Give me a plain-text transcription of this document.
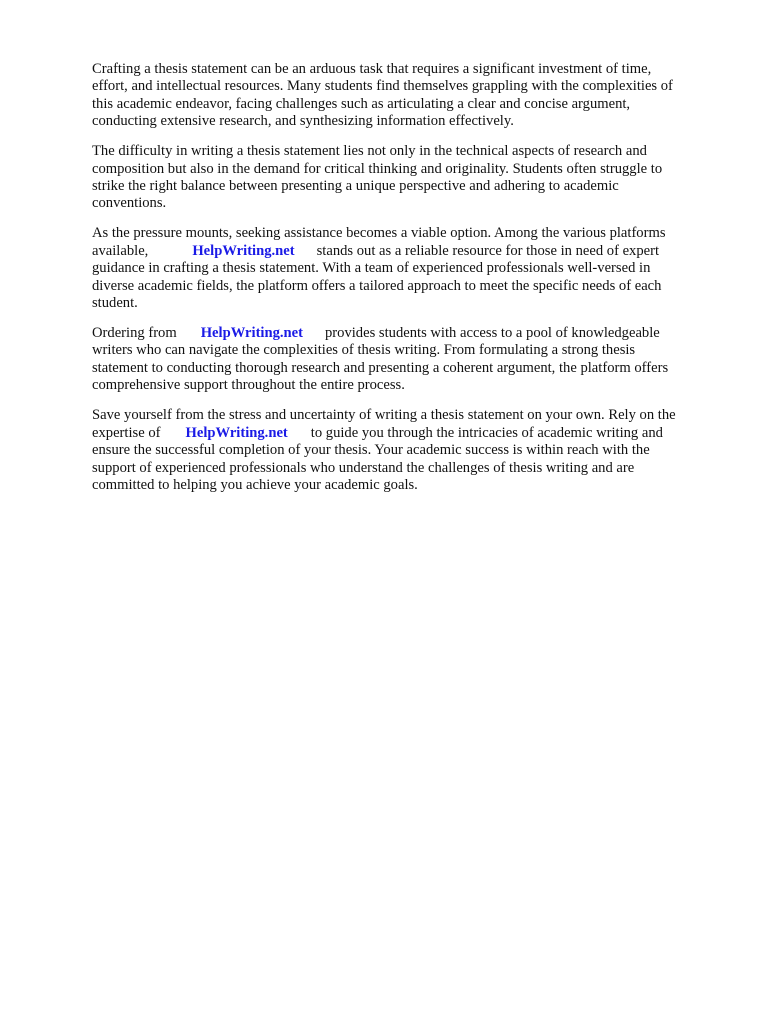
Crafting a thesis statement can be an arduous task that requires a significant investment of time,
effort, and intellectual resources. Many students find themselves grappling with the complexities of
this academic endeavor, facing challenges such as articulating a clear and concise argument,
conducting extensive research, and synthesizing information effectively.

The difficulty in writing a thesis statement lies not only in the technical aspects of research and
composition but also in the demand for critical thinking and originality. Students often struggle to
strike the right balance between presenting a unique perspective and adhering to academic
conventions.

As the pressure mounts, seeking assistance becomes a viable option. Among the various platforms
available,	HelpWriting.net stands out as a reliable resource for those in need of expert
guidance in crafting a thesis statement. With a team of experienced professionals well-versed in
diverse academic fields, the platform offers a tailored approach to meet the specific needs of each
student.

Ordering from HelpWriting.net provides students with access to a pool of knowledgeable
writers who can navigate the complexities of thesis writing. From formulating a strong thesis
statement to conducting thorough research and presenting a coherent argument, the platform offers
comprehensive support throughout the entire process.

Save yourself from the stress and uncertainty of writing a thesis statement on your own. Rely on the
expertise of HelpWriting.net to guide you through the intricacies of academic writing and
ensure the successful completion of your thesis. Your academic success is within reach with the
support of experienced professionals who understand the challenges of thesis writing and are
committed to helping you achieve your academic goals.
